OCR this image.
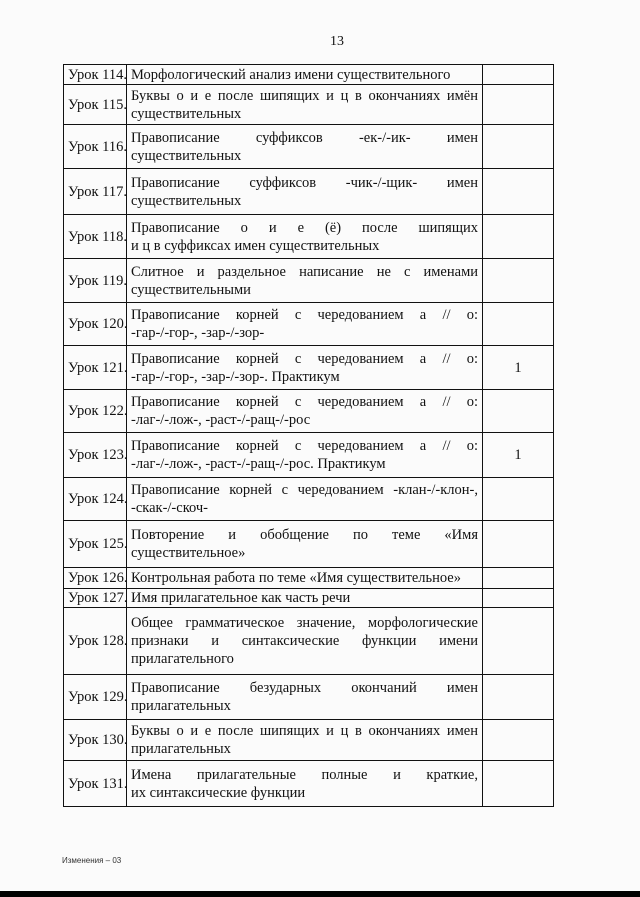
13
Урок 114.	Морфологический анализ имени существительного	

Урок 115.	Буквы о и е после шипящих и ц в окончаниях имён
существительных	

Урок 116.	Правописание суффиксов -ек-/-ик- имен
существительных	

Урок 117.	Правописание суффиксов -чик-/-щик- имен
существительных	

Урок 118.	Правописание о и е (ё) после шипящих
и ц в суффиксах имен существительных	

Урок 119.	Слитное и раздельное написание не с именами
существительными	

Урок 120.	Правописание корней с чередованием а // о:
-гар-/-гор-, -зар-/-зор-	

Урок 121.	Правописание корней с чередованием а // о:
-гар-/-гор-, -зар-/-зор-. Практикум	1
Урок 122.	Правописание корней с чередованием а // о:
-лаг-/-лож-, -раст-/-ращ-/-рос	

Урок 123.	Правописание корней с чередованием а // о:
-лаг-/-лож-, -раст-/-ращ-/-рос. Практикум	1
Урок 124.	Правописание корней с чередованием -клан-/-клон-,
-скак-/-скоч-	

Урок 125.	Повторение и обобщение по теме «Имя
существительное»	

Урок 126.	Контрольная работа по теме «Имя существительное»	

Урок 127.	Имя прилагательное как часть речи	

Урок 128.	Общее грамматическое значение, морфологические
признаки и синтаксические функции имени
прилагательного	

Урок 129.	Правописание безударных окончаний имен
прилагательных	

Урок 130.	Буквы о и е после шипящих и ц в окончаниях имен
прилагательных	

Урок 131.	Имена прилагательные полные и краткие,
их синтаксические функции	

Изменения – 03
